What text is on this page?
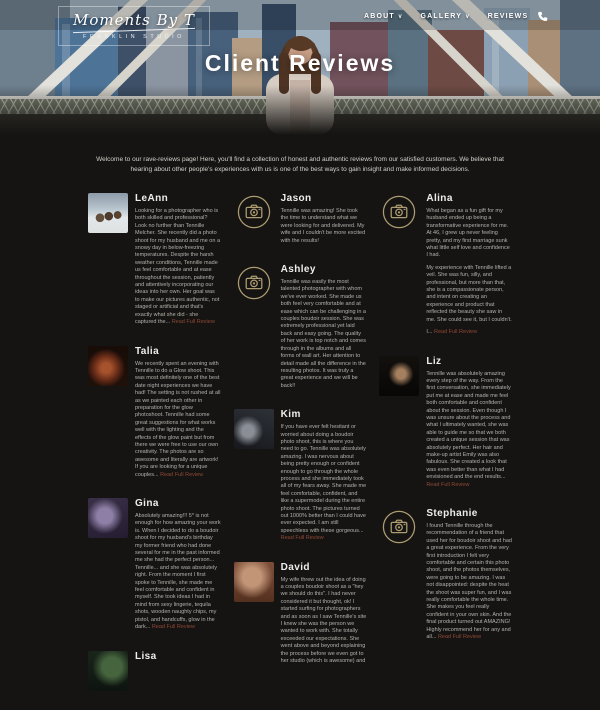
Moments By T
FRANKLIN STUDIO
ABOUT ∨ GALLERY ∨ REVIEWS
Client Reviews

Welcome to our rave-reviews page! Here, you'll find a collection of honest and authentic reviews from our satisfied customers. We believe that hearing about other people's experiences with us is one of the best ways to gain insight and make informed decisions.

LeAnn

Looking for a photographer who is both skilled and professional? Look no further than Tennille Melcher. She recently did a photo shoot for my husband and me on a snowy day in below-freezing temperatures. Despite the harsh weather conditions, Tennille made us feel comfortable and at ease throughout the session, patiently and attentively incorporating our ideas into her own. Her goal was to make our pictures authentic, not staged or artificial and that's exactly what she did - she captured the... Read Full Review

Talia

We recently spent an evening with Tennille to do a Glow shoot. This was most definitely one of the best date night experiences we have had! The setting is not rushed at all as we painted each other in preparation for the glow photoshoot. Tennille had some great suggestions for what works well with the lighting and the effects of the glow paint but from there we were free to use our own creativity. The photos are so awesome and literally are artwork! If you are looking for a unique couples... Read Full Review

Gina

Absolutely amazing!!! 5* is not enough for how amazing your work is. When I decided to do a boudoir shoot for my husband's birthday my former friend who had done several for me in the past informed me she had the perfect person... Tennille... and she was absolutely right. From the moment I first spoke to Tennille, she made me feel comfortable and confident in myself. She took ideas I had in mind from sexy lingerie, tequila shots, wooden naughty chips, my pistol, and handcuffs, glow in the dark... Read Full Review

Lisa
Jason

Tennille was amazing! She took the time to understand what we were looking for and delivered. My wife and I couldn't be more excited with the results!

Ashley

Tennille was easily the most talented photographer with whom we've ever worked. She made us both feel very comfortable and at ease which can be challenging in a couples boudoir session. She was extremely professional yet laid back and easy going. The quality of her work is top notch and comes through in the albums and all forms of wall art. Her attention to detail made all the difference in the resulting photos. It was truly a great experience and we will be back!!

Kim

If you have ever felt hesitant or worried about doing a boudoir photo shoot, this is where you need to go. Tennille was absolutely amazing. I was nervous about being pretty enough or confident enough to go through the whole process and she immediately took all of my fears away. She made me feel comfortable, confident, and like a supermodel during the entire photo shoot. The pictures turned out 1000% better than I could have ever expected. I am still speechless with these gorgeous... Read Full Review

David

My wife threw out the idea of doing a couples boudoir shoot as a "hey we should do this". I had never considered it but thought, ok! I started surfing for photographers and as soon as I saw Tennille's site I knew she was the person we wanted to work with. She totally exceeded our expectations. She went above and beyond explaining the process before we even got to her studio (which is awesome) and

Alina

What began as a fun gift for my husband ended up being a transformative experience for me. At 46, I grew up never feeling pretty, and my first marriage sunk what little self love and confidence I had.

My experience with Tennille lifted a veil. She was fun, silly, and professional, but more than that, she is a compassionate person, and intent on creating an experience and product that reflected the beauty she saw in me. She could see it, but I couldn't.

I... Read Full Review

Liz

Tennille was absolutely amazing every step of the way. From the first conversation, she immediately put me at ease and made me feel both comfortable and confident about the session. Even though I was unsure about the process and what I ultimately wanted, she was able to guide me so that we both created a unique session that was absolutely perfect. Her hair and make-up artist Emily was also fabulous. She created a look that was even better than what I had envisioned and the end results... Read Full Review

Stephanie

I found Tennille through the recommendation of a friend that used her for boudoir shoot and had a great experience. From the very first introduction I felt very comfortable and certain this photo shoot, and the photos themselves, were going to be amazing. I was not disappointed: despite the heat the shoot was super fun, and I was really comfortable the whole time. She makes you feel really confident in your own skin. And the final product turned out AMAZING! Highly recommend her for any and all... Read Full Review
